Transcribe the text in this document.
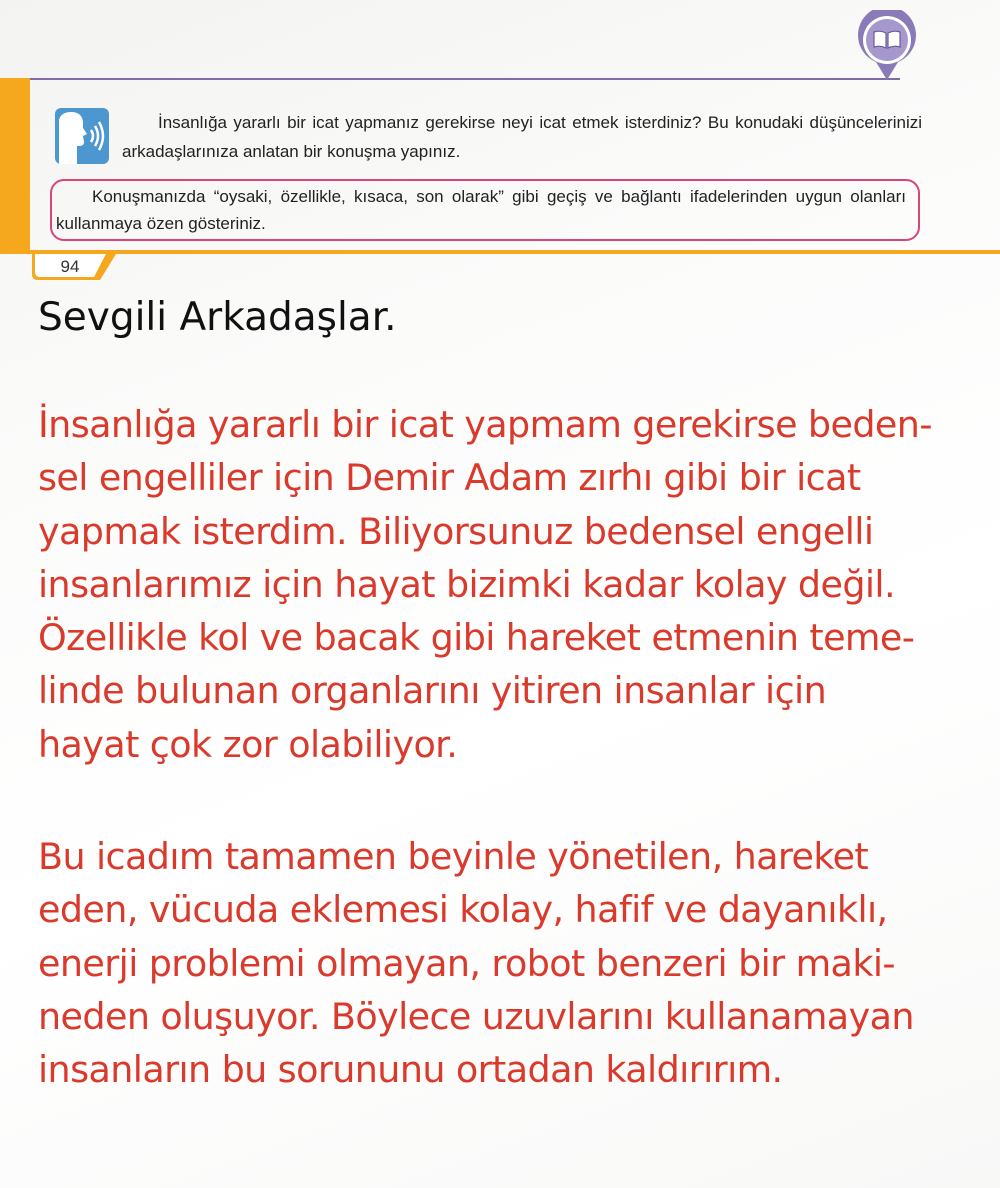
İnsanlığa yararlı bir icat yapmanız gerekirse neyi icat etmek isterdiniz? Bu konudaki düşüncelerinizi arkadaşlarınıza anlatan bir konuşma yapınız.
Konuşmanızda “oysaki, özellikle, kısaca, son olarak” gibi geçiş ve bağlantı ifadelerinden uygun olanları kullanmaya özen gösteriniz.
94
Sevgili Arkadaşlar.
İnsanlığa yararlı bir icat yapmam gerekirse beden-
sel engelliler için Demir Adam zırhı gibi bir icat
yapmak isterdim. Biliyorsunuz bedensel engelli
insanlarımız için hayat bizimki kadar kolay değil.
Özellikle kol ve bacak gibi hareket etmenin teme-
linde bulunan organlarını yitiren insanlar için
hayat çok zor olabiliyor.
Bu icadım tamamen beyinle yönetilen, hareket
eden, vücuda eklemesi kolay, hafif ve dayanıklı,
enerji problemi olmayan, robot benzeri bir maki-
neden oluşuyor. Böylece uzuvlarını kullanamayan
insanların bu sorununu ortadan kaldırırım.
